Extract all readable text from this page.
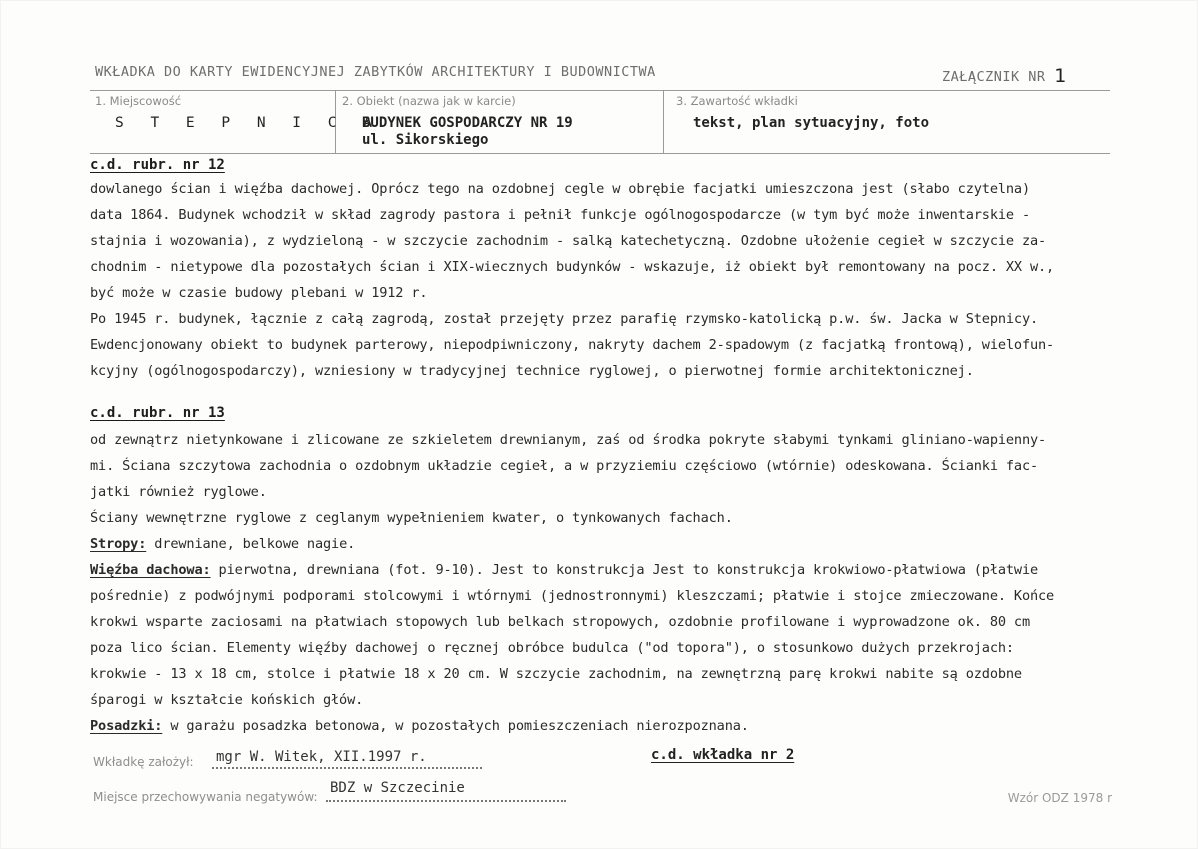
WKŁADKA DO KARTY EWIDENCYJNEJ ZABYTKÓW ARCHITEKTURY I BUDOWNICTWA	ZAŁĄCZNIK NR 1
1. Miejscowość
S T E P N I C A
2. Obiekt (nazwa jak w karcie)
BUDYNEK GOSPODARCZY NR 19
ul. Sikorskiego
3. Zawartość wkładki
tekst, plan sytuacyjny, foto
c.d. rubr. nr 12
dowlanego ścian i więźba dachowej. Oprócz tego na ozdobnej cegle w obrębie facjatki umieszczona jest (słabo czytelna)
data 1864. Budynek wchodził w skład zagrody pastora i pełnił funkcje ogólnogospodarcze (w tym być może inwentarskie -
stajnia i wozowania), z wydzieloną - w szczycie zachodnim - salką katechetyczną. Ozdobne ułożenie cegieł w szczycie za-
chodnim - nietypowe dla pozostałych ścian i XIX-wiecznych budynków - wskazuje, iż obiekt był remontowany na pocz. XX w.,
być może w czasie budowy plebani w 1912 r.
Po 1945 r. budynek, łącznie z całą zagrodą, został przejęty przez parafię rzymsko-katolicką p.w. św. Jacka w Stepnicy.
Ewdencjonowany obiekt to budynek parterowy, niepodpiwniczony, nakryty dachem 2-spadowym (z facjatką frontową), wielofun-
kcyjny (ogólnogospodarczy), wzniesiony w tradycyjnej technice ryglowej, o pierwotnej formie architektonicznej.
c.d. rubr. nr 13
od zewnątrz nietynkowane i zlicowane ze szkieletem drewnianym, zaś od środka pokryte słabymi tynkami gliniano-wapienny-
mi. Ściana szczytowa zachodnia o ozdobnym układzie cegieł, a w przyziemiu częściowo (wtórnie) odeskowana. Ścianki fac-
jatki również ryglowe.
Ściany wewnętrzne ryglowe z ceglanym wypełnieniem kwater, o tynkowanych fachach.
Stropy: drewniane, belkowe nagie.
Więźba dachowa: pierwotna, drewniana (fot. 9-10). Jest to konstrukcja Jest to konstrukcja krokwiowo-płatwiowa (płatwie
pośrednie) z podwójnymi podporami stolcowymi i wtórnymi (jednostronnymi) kleszczami; płatwie i stojce zmieczowane. Końce
krokwi wsparte zaciosami na płatwiach stopowych lub belkach stropowych, ozdobnie profilowane i wyprowadzone ok. 80 cm
poza lico ścian. Elementy więźby dachowej o ręcznej obróbce budulca ("od topora"), o stosunkowo dużych przekrojach:
krokwie - 13 x 18 cm, stolce i płatwie 18 x 20 cm. W szczycie zachodnim, na zewnętrzną parę krokwi nabite są ozdobne
śparogi w kształcie końskich głów.
Posadzki: w garażu posadzka betonowa, w pozostałych pomieszczeniach nierozpoznana.
Wkładkę założył: mgr W. Witek, XII.1997 r.	c.d. wkładka nr 2
Miejsce przechowywania negatywów:
BDZ w Szczecinie
Wzór ODZ 1978 r
